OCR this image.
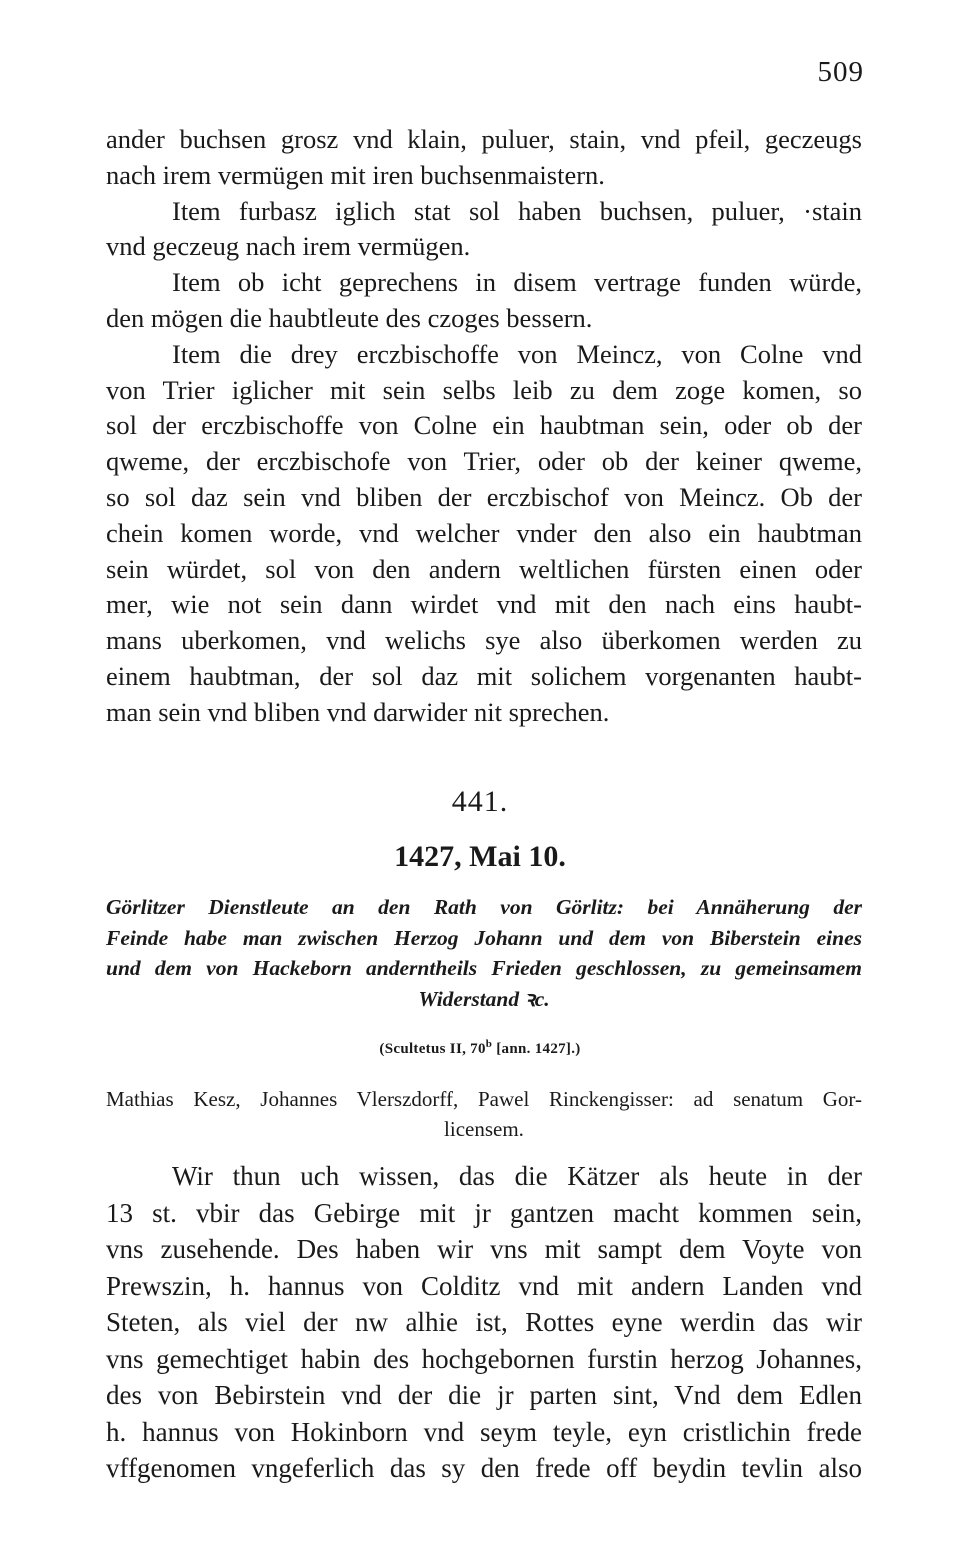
509
ander buchsen grosz vnd klain, puluer, stain, vnd pfeil, geczeugs
nach irem vermügen mit iren buchsenmaistern.
Item furbasz iglich stat sol haben buchsen, puluer, ·stain
vnd geczeug nach irem vermügen.
Item ob icht geprechens in disem vertrage funden würde,
den mögen die haubtleute des czoges bessern.
Item die drey erczbischoffe von Meincz, von Colne vnd
von Trier iglicher mit sein selbs leib zu dem zoge komen, so
sol der erczbischoffe von Colne ein haubtman sein, oder ob der
qweme, der erczbischofe von Trier, oder ob der keiner qweme,
so sol daz sein vnd bliben der erczbischof von Meincz. Ob der
chein komen worde, vnd welcher vnder den also ein haubtman
sein würdet, sol von den andern weltlichen fürsten einen oder
mer, wie not sein dann wirdet vnd mit den nach eins haubt-
mans uberkomen, vnd welichs sye also überkomen werden zu
einem haubtman, der sol daz mit solichem vorgenanten haubt-
man sein vnd bliben vnd darwider nit sprechen.
441.
1427, Mai 10.
Görlitzer Dienstleute an den Rath von Görlitz: bei Annäherung der
Feinde habe man zwischen Herzog Johann und dem von Biberstein eines
und dem von Hackeborn anderntheils Frieden geschlossen, zu gemeinsamem
Widerstand ꝛc.
(Scultetus II, 70$^b$ [ann. 1427].)
Mathias Kesz, Johannes Vlerszdorff, Pawel Rinckengisser: ad senatum Gor-
licensem.
Wir thun uch wissen, das die Kätzer als heute in der
13 st. vbir das Gebirge mit jr gantzen macht kommen sein,
vns zusehende. Des haben wir vns mit sampt dem Voyte von
Prewszin, h. hannus von Colditz vnd mit andern Landen vnd
Steten, als viel der nw alhie ist, Rottes eyne werdin das wir
vns gemechtiget habin des hochgebornen furstin herzog Johannes,
des von Bebirstein vnd der die jr parten sint, Vnd dem Edlen
h. hannus von Hokinborn vnd seym teyle, eyn cristlichin frede
vffgenomen vngeferlich das sy den frede off beydin tevlin also
